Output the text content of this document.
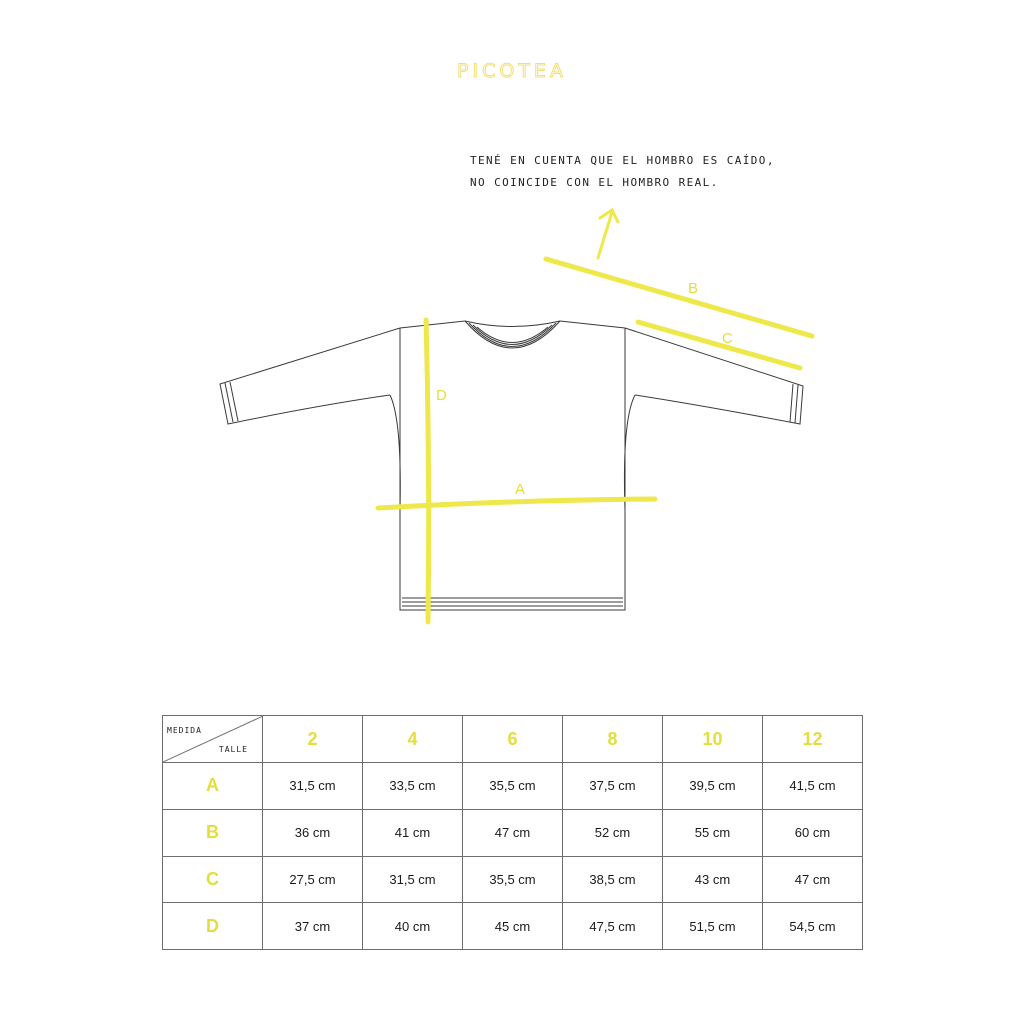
PICOTEA
TENÉ EN CUENTA QUE EL HOMBRO ES CAÍDO,
NO COINCIDE CON EL HOMBRO REAL.
D
A
B
C
MEDIDA
TALLE	2	4	6	8	10	12
A	31,5 cm	33,5 cm	35,5 cm	37,5 cm	39,5 cm	41,5 cm
B	36 cm	41 cm	47 cm	52 cm	55 cm	60 cm
C	27,5 cm	31,5 cm	35,5 cm	38,5 cm	43 cm	47 cm
D	37 cm	40 cm	45 cm	47,5 cm	51,5 cm	54,5 cm
